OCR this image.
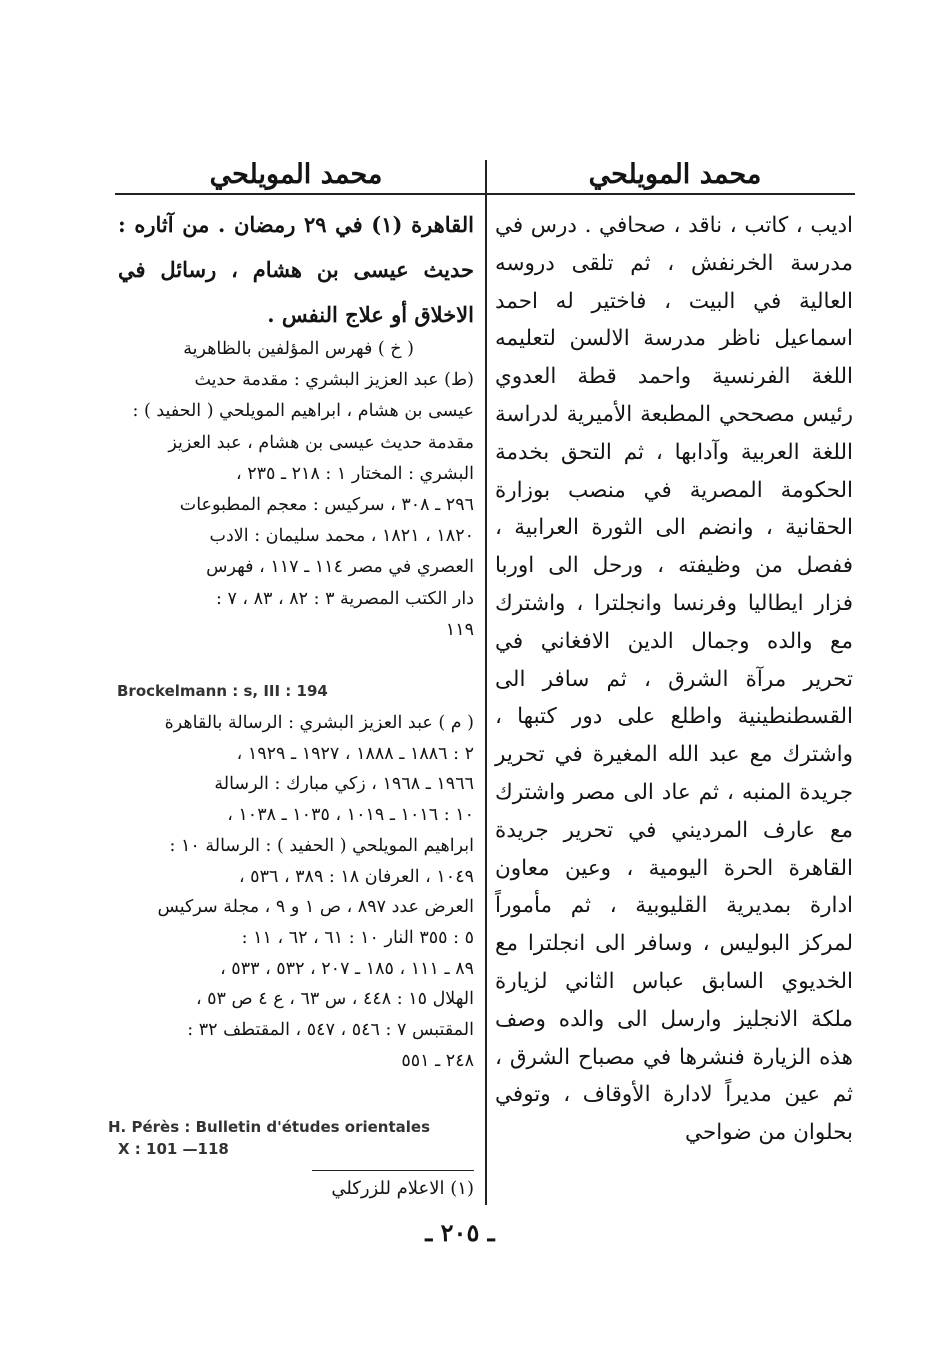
محمد المويلحي
محمد المويلحي
اديب ، كاتب ، ناقد ، صحافي . درس في مدرسة الخرنفش ، ثم تلقى دروسه العالية في البيت ، فاختير له احمد اسماعيل ناظر مدرسة الالسن لتعليمه اللغة الفرنسية واحمد قطة العدوي رئيس مصححي المطبعة الأميرية لدراسة اللغة العربية وآدابها ، ثم التحق بخدمة الحكومة المصرية في منصب بوزارة الحقانية ، وانضم الى الثورة العرابية ، ففصل من وظيفته ، ورحل الى اوربا فزار ايطاليا وفرنسا وانجلترا ، واشترك مع والده وجمال الدين الافغاني في تحرير مرآة الشرق ، ثم سافر الى القسطنطينية واطلع على دور كتبها ، واشترك مع عبد الله المغيرة في تحرير جريدة المنبه ، ثم عاد الى مصر واشترك مع عارف المرديني في تحرير جريدة القاهرة الحرة اليومية ، وعين معاون ادارة بمديرية القليوبية ، ثم مأموراً لمركز البوليس ، وسافر الى انجلترا مع الخديوي السابق عباس الثاني لزيارة ملكة الانجليز وارسل الى والده وصف هذه الزيارة فنشرها في مصباح الشرق ، ثم عين مديراً لادارة الأوقاف ، وتوفي بحلوان من ضواحي
القاهرة (١) في ٢٩ رمضان . من آثاره : حديث عيسى بن هشام ، رسائل في الاخلاق أو علاج النفس .

( خ ) فهرس المؤلفين بالظاهرية

(ط) عبد العزيز البشري : مقدمة حديث

عيسى بن هشام ، ابراهيم المويلحي ( الحفيد ) :

مقدمة حديث عيسى بن هشام ، عبد العزيز

البشري : المختار ١ : ٢١٨ ـ ٢٣٥ ،

٢٩٦ ـ ٣٠٨ ، سركيس : معجم المطبوعات

١٨٢٠ ، ١٨٢١ ، محمد سليمان : الادب

العصري في مصر ١١٤ ـ ١١٧ ، فهرس

دار الكتب المصرية ٣ : ٨٢ ، ٨٣ ، ٧ :

١١٩

Brockelmann : s, III : 194

( م ) عبد العزيز البشري : الرسالة بالقاهرة

٢ : ١٨٨٦ ـ ١٨٨٨ ، ١٩٢٧ ـ ١٩٢٩ ،

١٩٦٦ ـ ١٩٦٨ ، زكي مبارك : الرسالة

١٠ : ١٠١٦ ـ ١٠١٩ ، ١٠٣٥ ـ ١٠٣٨ ،

ابراهيم المويلحي ( الحفيد ) : الرسالة ١٠ :

١٠٤٩ ، العرفان ١٨ : ٣٨٩ ، ٥٣٦ ،

العرض عدد ٨٩٧ ، ص ١ و ٩ ، مجلة سركيس

٥ : ٣٥٥ النار ١٠ : ٦١ ، ٦٢ ، ١١ :

٨٩ ـ ١١١ ، ١٨٥ ـ ٢٠٧ ، ٥٣٢ ، ٥٣٣ ،

الهلال ١٥ : ٤٤٨ ، س ٦٣ ، ع ٤ ص ٥٣ ،

المقتبس ٧ : ٥٤٦ ، ٥٤٧ ، المقتطف ٣٢ :

٢٤٨ ـ ٥٥١

H. Pérès : Bulletin d'études orientales
X : 101 —118
(١) الاعلام للزركلي
ـ ٢٠٥ ـ
